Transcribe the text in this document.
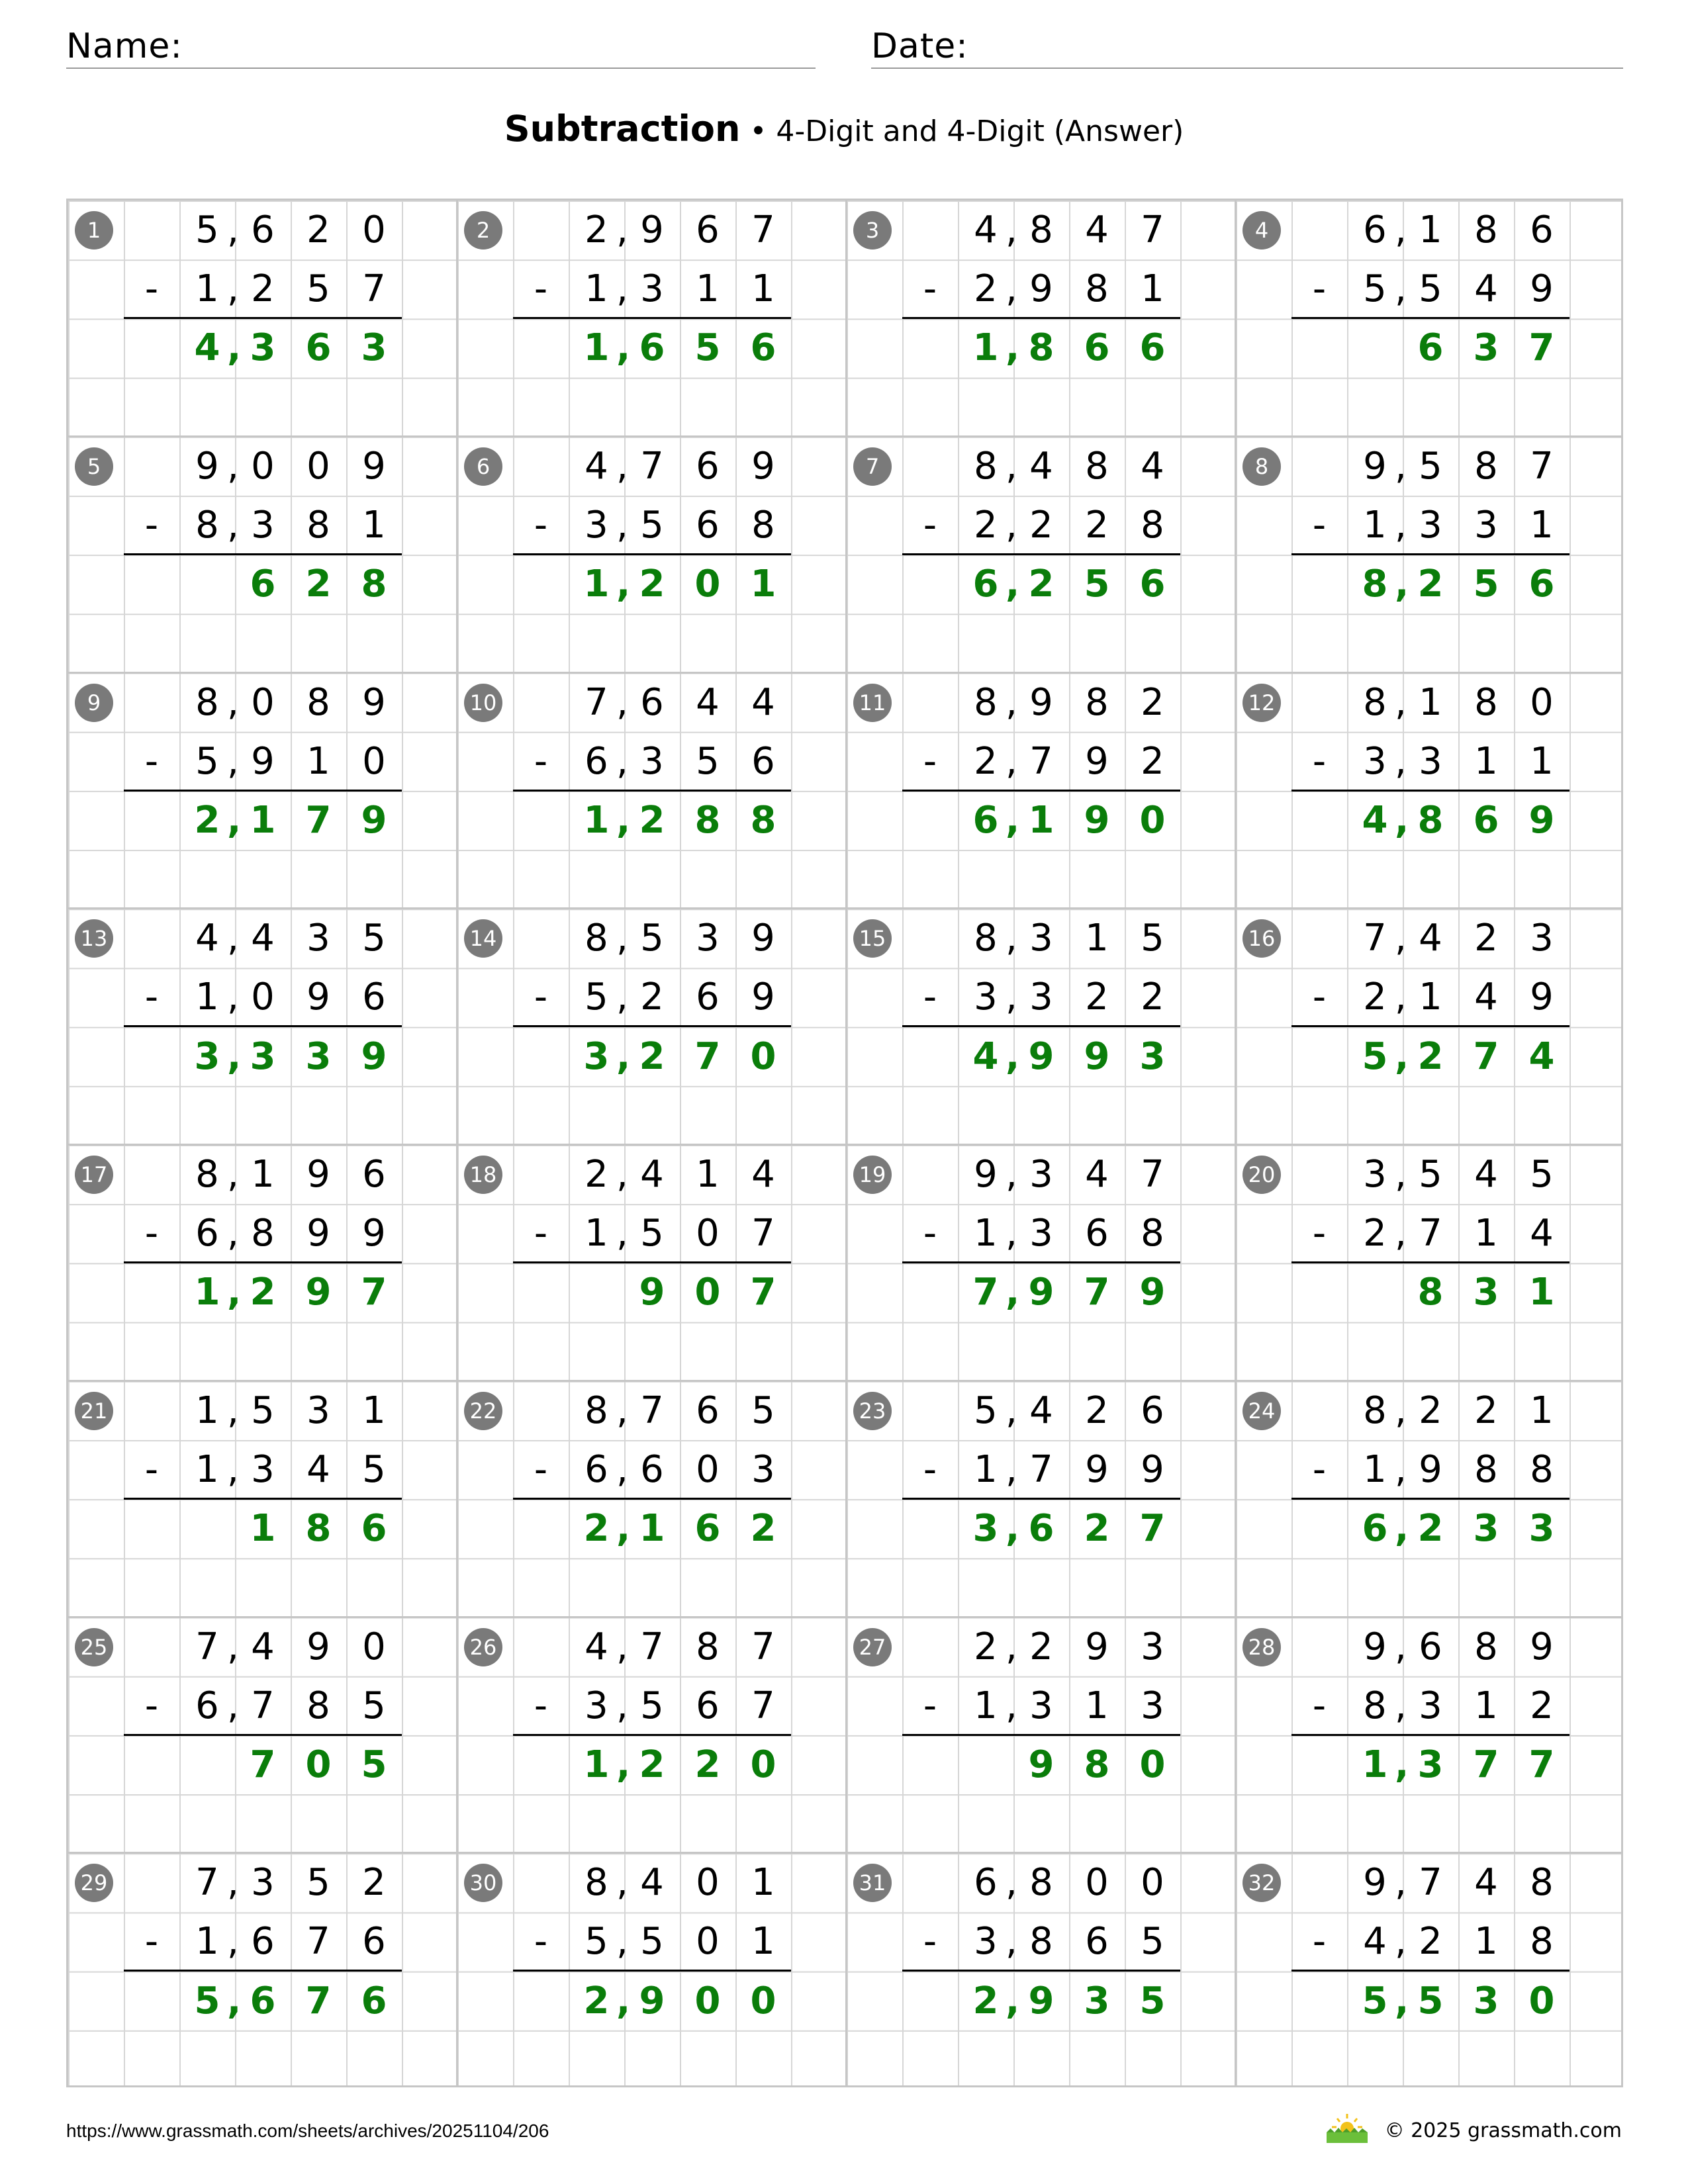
Name:	Date:
Subtraction • 4-Digit and 4-Digit (Answer)
1	5 , 6 2 0
-	1 , 2 5 7
4 , 3 6 3
2	2 , 9 6 7
-	1 , 3 1 1
1 , 6 5 6
3	4 , 8 4 7
-	2 , 9 8 1
1 , 8 6 6
4	6 , 1 8 6
-	5 , 5 4 9
6 3 7
5	9 , 0 0 9
-	8 , 3 8 1
6 2 8
6	4 , 7 6 9
-	3 , 5 6 8
1 , 2 0 1
7	8 , 4 8 4
-	2 , 2 2 8
6 , 2 5 6
8	9 , 5 8 7
-	1 , 3 3 1
8 , 2 5 6
9	8 , 0 8 9
-	5 , 9 1 0
2 , 1 7 9
10	7 , 6 4 4
-	6 , 3 5 6
1 , 2 8 8
11	8 , 9 8 2
-	2 , 7 9 2
6 , 1 9 0
12	8 , 1 8 0
-	3 , 3 1 1
4 , 8 6 9
13	4 , 4 3 5
-	1 , 0 9 6
3 , 3 3 9
14	8 , 5 3 9
-	5 , 2 6 9
3 , 2 7 0
15	8 , 3 1 5
-	3 , 3 2 2
4 , 9 9 3
16	7 , 4 2 3
-	2 , 1 4 9
5 , 2 7 4
17	8 , 1 9 6
-	6 , 8 9 9
1 , 2 9 7
18	2 , 4 1 4
-	1 , 5 0 7
9 0 7
19	9 , 3 4 7
-	1 , 3 6 8
7 , 9 7 9
20	3 , 5 4 5
-	2 , 7 1 4
8 3 1
21	1 , 5 3 1
-	1 , 3 4 5
1 8 6
22	8 , 7 6 5
-	6 , 6 0 3
2 , 1 6 2
23	5 , 4 2 6
-	1 , 7 9 9
3 , 6 2 7
24	8 , 2 2 1
-	1 , 9 8 8
6 , 2 3 3
25	7 , 4 9 0
-	6 , 7 8 5
7 0 5
26	4 , 7 8 7
-	3 , 5 6 7
1 , 2 2 0
27	2 , 2 9 3
-	1 , 3 1 3
9 8 0
28	9 , 6 8 9
-	8 , 3 1 2
1 , 3 7 7
29	7 , 3 5 2
-	1 , 6 7 6
5 , 6 7 6
30	8 , 4 0 1
-	5 , 5 0 1
2 , 9 0 0
31	6 , 8 0 0
-	3 , 8 6 5
2 , 9 3 5
32	9 , 7 4 8
-	4 , 2 1 8
5 , 5 3 0
https://www.grassmath.com/sheets/archives/20251104/206	© 2025 grassmath.com
